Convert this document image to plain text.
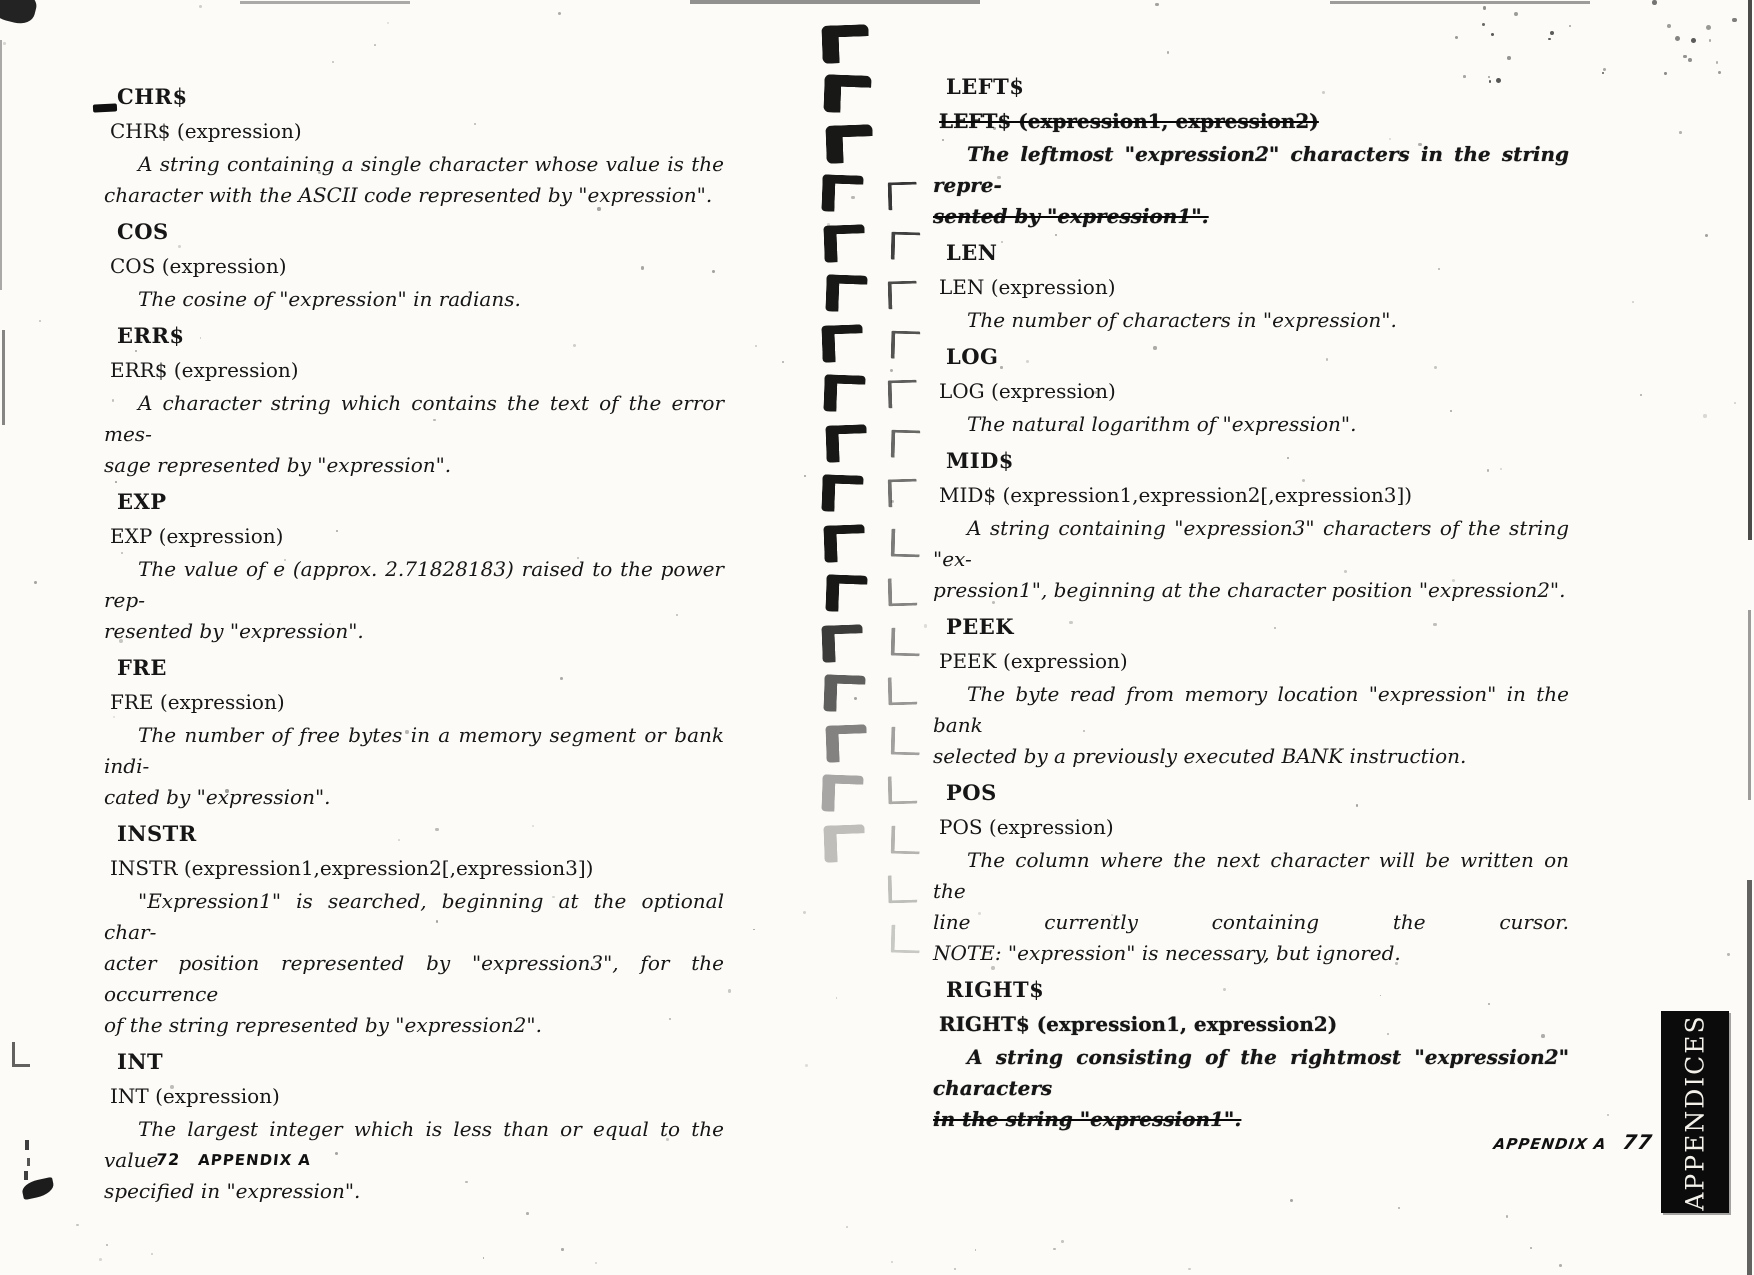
CHR$
CHR$ (expression)
A string containing a single character whose value is the
character with the ASCII code represented by "expression".
COS
COS (expression)
The cosine of "expression" in radians.
ERR$
ERR$ (expression)
A character string which contains the text of the error mes-
sage represented by "expression".
EXP
EXP (expression)
The value of e (approx. 2.71828183) raised to the power rep-
resented by "expression".
FRE
FRE (expression)
The number of free bytes in a memory segment or bank indi-
cated by "expression".
INSTR
INSTR (expression1,expression2[,expression3])
"Expression1" is searched, beginning at the optional char-
acter position represented by "expression3", for the occurrence
of the string represented by "expression2".
INT
INT (expression)
The largest integer which is less than or equal to the value
specified in "expression".
LEFT$
LEFT$ (expression1, expression2)
The leftmost "expression2" characters in the string repre-
sented by "expression1".
LEN
LEN (expression)
The number of characters in "expression".
LOG
LOG (expression)
The natural logarithm of "expression".
MID$
MID$ (expression1,expression2[,expression3])
A string containing "expression3" characters of the string "ex-
pression1", beginning at the character position "expression2".
PEEK
PEEK (expression)
The byte read from memory location "expression" in the bank
selected by a previously executed BANK instruction.
POS
POS (expression)
The column where the next character will be written on the
line currently containing the cursor.
NOTE: "expression" is necessary, but ignored.
RIGHT$
RIGHT$ (expression1, expression2)
A string consisting of the rightmost "expression2" characters
in the string "expression1".
72 APPENDIX A
APPENDIX A 77 APPENDICES
